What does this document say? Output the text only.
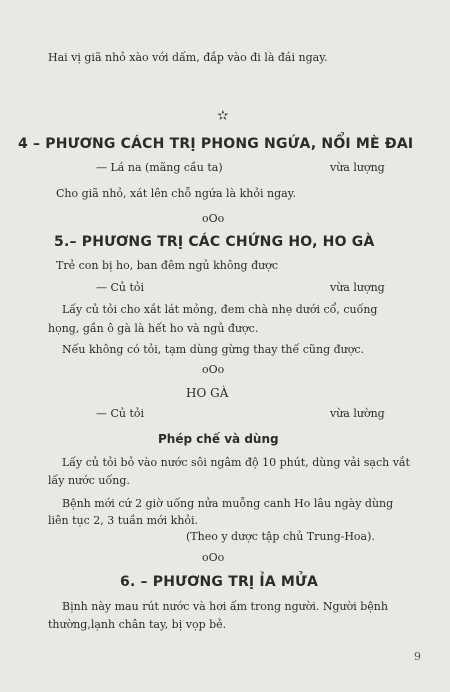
Hai vị giã nhỏ xào với dấm, đắp vào đi là đái ngay.
✫
4 – PHƯƠNG CÁCH TRỊ PHONG NGỨA, NỔI MÈ ĐAI
— Lá na (mãng cầu ta)	vừa lượng
Cho giã nhỏ, xát lên chỗ ngứa là khỏi ngay.
oOo
5.– PHƯƠNG TRỊ CÁC CHỨNG HO, HO GÀ
Trẻ con bị ho, ban đêm ngủ không được
— Củ tỏi	vừa lượng
Lấy củ tỏi cho xắt lát mỏng, đem chà nhẹ dưới cổ, cuống
họng, gần ô gà là hết ho và ngủ được.
Nếu không có tỏi, tạm dùng gừng thay thế cũng được.
oOo
HO GÀ
— Củ tỏi	vừa lường
Phép chế và dùng
Lấy củ tỏi bỏ vào nước sôi ngâm độ 10 phút, dùng vải sạch vắt
lấy nước uống.
Bệnh mới cứ 2 giờ uống nửa muỗng canh Ho lâu ngày dùng
liên tục 2, 3 tuần mới khỏi.
(Theo y dược tập chủ Trung-Hoa).
oOo
6. – PHƯƠNG TRỊ ỈA MỬA
Bịnh này mau rút nước và hơi ấm trong người. Người bệnh
thường,lạnh chân tay, bị vọp bẻ.
9
